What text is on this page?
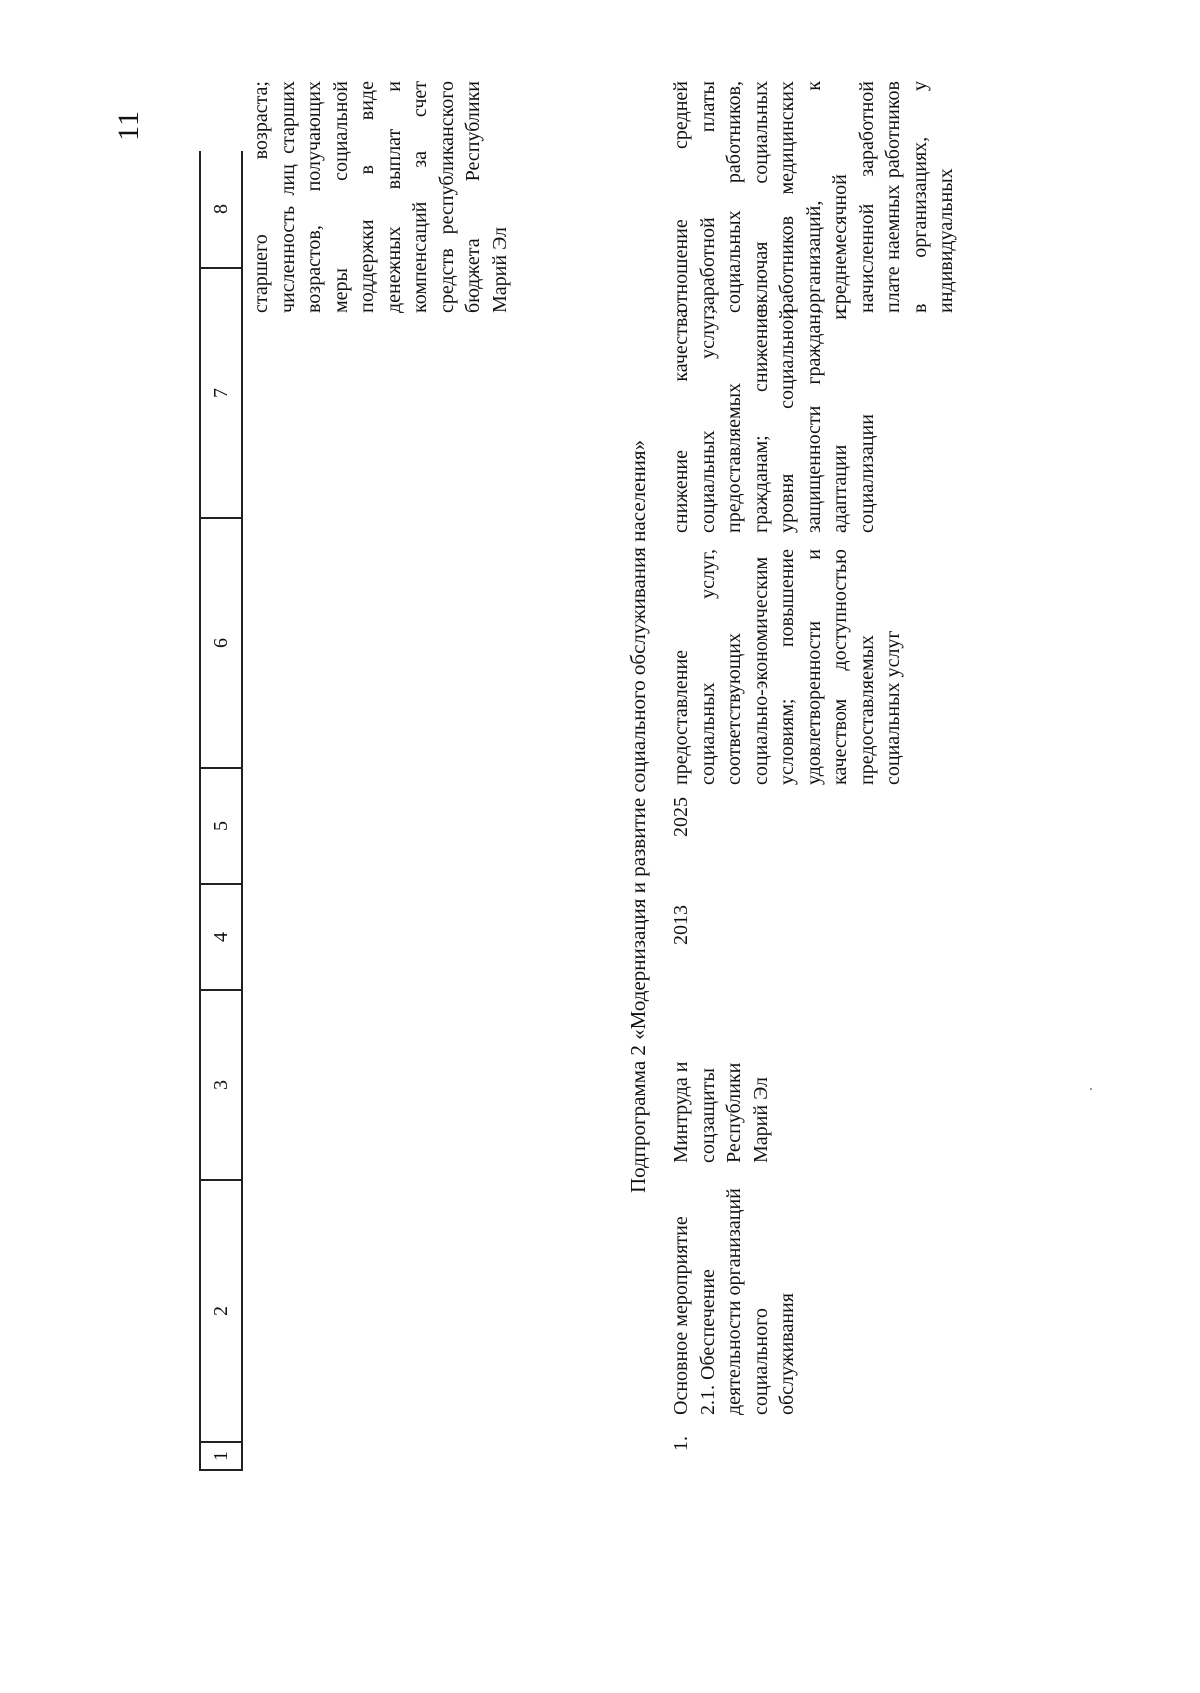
11
1
2
3
4
5
6
7
8 старшего возраста; численность лиц старших возрастов, получающих меры социальной поддержки в виде денежных выплат и компенсаций за счет средств республиканского бюджета Республики Марий Эл
Подпрограмма 2 «Модернизация и развитие социального обслуживания населения»
1.
Основное мероприятие 2.1. Обеспечение деятельности организаций социального обслуживания
Минтруда и соцзащиты Республики Марий Эл
2013
2025
предоставление социальных услуг, соответствующих социально-экономическим условиям; повышение удовлетворенности и качеством доступностью предоставляемых социальных услуг
снижение качества социальных услуг, предоставляемых гражданам; снижение уровня социальной защищенности граждан, адаптации и социализации
отношение средней заработной платы социальных работников, включая социальных работников медицинских организаций, к среднемесячной начисленной заработной плате наемных работников в организациях, у индивидуальных
